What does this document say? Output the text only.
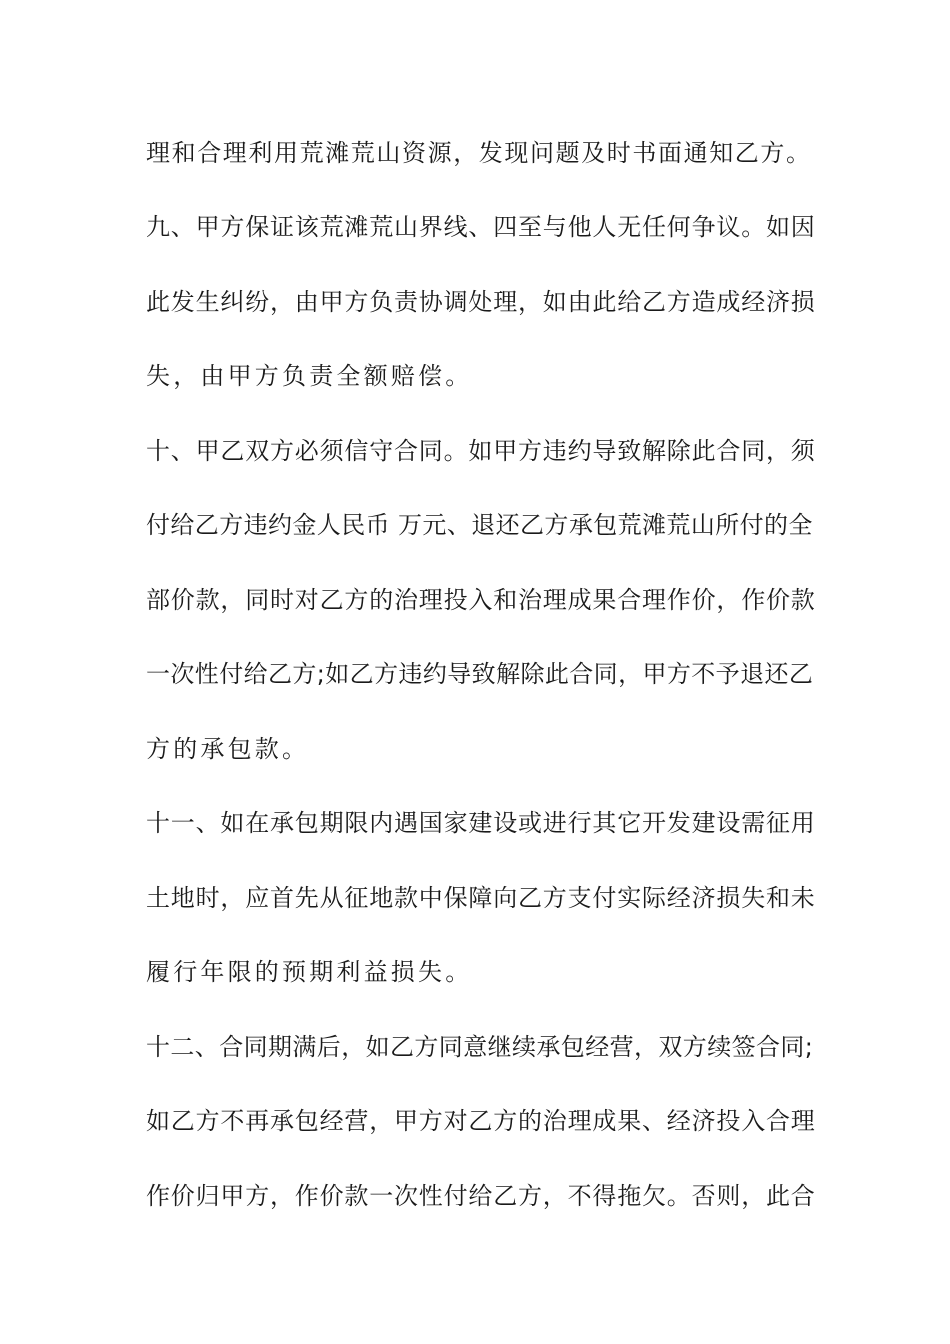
理和合理利用荒滩荒山资源，发现问题及时书面通知乙方。
九、甲方保证该荒滩荒山界线、四至与他人无任何争议。如因
此发生纠纷，由甲方负责协调处理，如由此给乙方造成经济损
失，由甲方负责全额赔偿。
十、甲乙双方必须信守合同。如甲方违约导致解除此合同，须
付给乙方违约金人民币 万元、退还乙方承包荒滩荒山所付的全
部价款，同时对乙方的治理投入和治理成果合理作价，作价款
一次性付给乙方;如乙方违约导致解除此合同，甲方不予退还乙
方的承包款。
十一、如在承包期限内遇国家建设或进行其它开发建设需征用
土地时，应首先从征地款中保障向乙方支付实际经济损失和未
履行年限的预期利益损失。
十二、合同期满后，如乙方同意继续承包经营，双方续签合同;
如乙方不再承包经营，甲方对乙方的治理成果、经济投入合理
作价归甲方，作价款一次性付给乙方，不得拖欠。否则，此合
